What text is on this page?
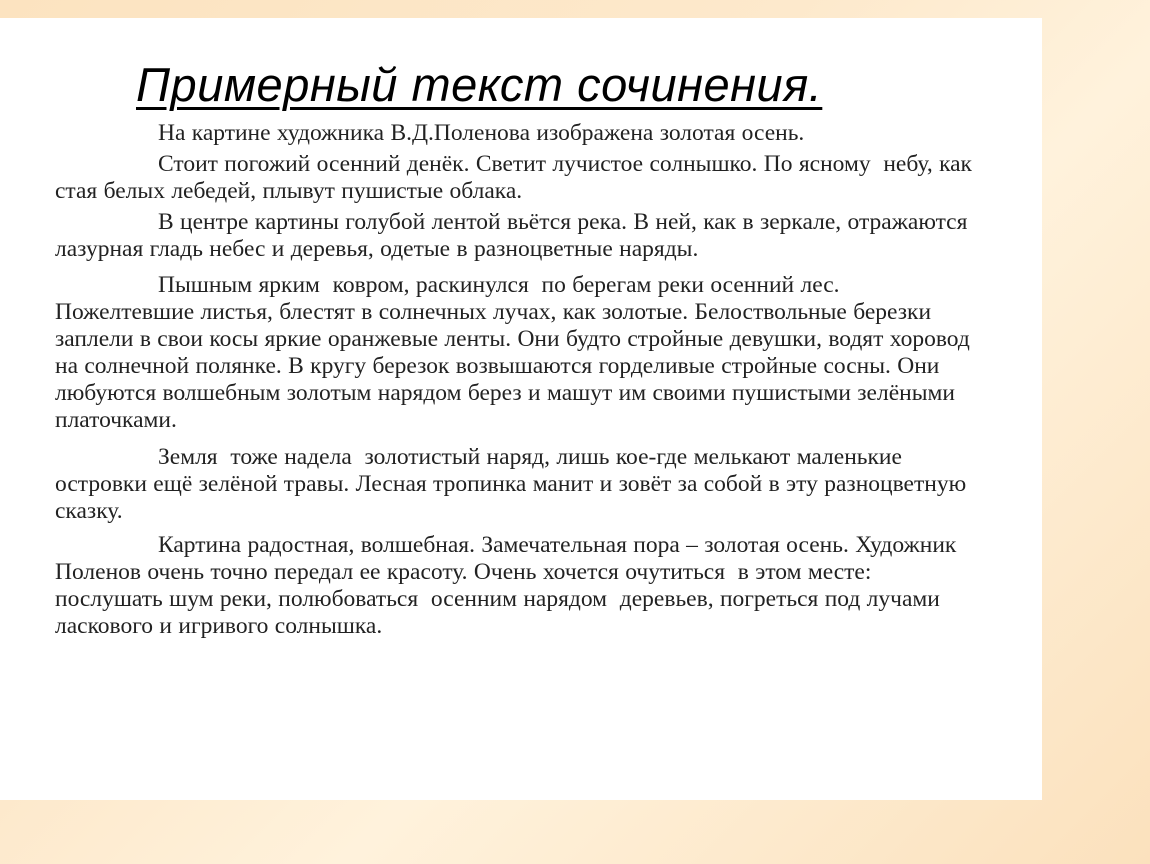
Примерный текст сочинения.

На картине художника В.Д.Поленова изображена золотая осень.

Стоит погожий осенний денёк. Светит лучистое солнышко. По ясному  небу, как стая белых лебедей, плывут пушистые облака.

В центре картины голубой лентой вьётся река. В ней, как в зеркале, отражаются лазурная гладь небес и деревья, одетые в разноцветные наряды.

Пышным ярким  ковром, раскинулся  по берегам реки осенний лес. Пожелтевшие листья, блестят в солнечных лучах, как золотые. Белоствольные березки заплели в свои косы яркие оранжевые ленты. Они будто стройные девушки, водят хоровод на солнечной полянке. В кругу березок возвышаются горделивые стройные сосны. Они любуются волшебным золотым нарядом берез и машут им своими пушистыми зелёными платочками.

Земля  тоже надела  золотистый наряд, лишь кое-где мелькают маленькие островки ещё зелёной травы. Лесная тропинка манит и зовёт за собой в эту разноцветную сказку.

Картина радостная, волшебная. Замечательная пора – золотая осень. Художник Поленов очень точно передал ее красоту. Очень хочется очутиться  в этом месте: послушать шум реки, полюбоваться  осенним нарядом  деревьев, погреться под лучами ласкового и игривого солнышка.
